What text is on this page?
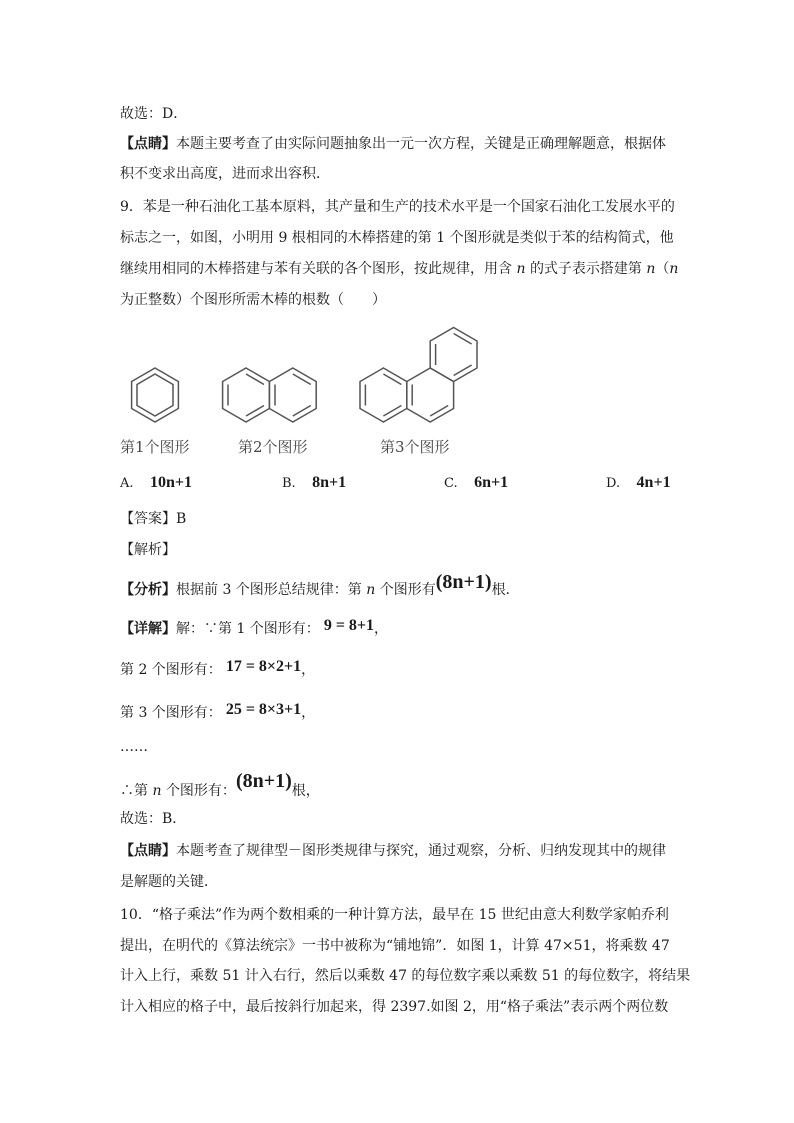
故选：D．
【点睛】本题主要考查了由实际问题抽象出一元一次方程，关键是正确理解题意，根据体
积不变求出高度，进而求出容积．
9．苯是一种石油化工基本原料，其产量和生产的技术水平是一个国家石油化工发展水平的
标志之一，如图，小明用 9 根相同的木棒搭建的第 1 个图形就是类似于苯的结构简式，他
继续用相同的木棒搭建与苯有关联的各个图形，按此规律，用含 n 的式子表示搭建第 n（n
为正整数）个图形所需木棒的根数（　　）
第1个图形	第2个图形	第3个图形
A. 10n+1	B. 8n+1	C. 6n+1	D. 4n+1
【答案】B
【解析】
【分析】根据前 3 个图形总结规律：第 n 个图形有(8n+1)根．
【详解】解：∵第 1 个图形有： 9 = 8+1，
第 2 个图形有： 17 = 8×2+1，
第 3 个图形有： 25 = 8×3+1，
……
∴第 n 个图形有：(8n+1)根，
故选：B．
【点睛】本题考查了规律型－图形类规律与探究，通过观察，分析、归纳发现其中的规律
是解题的关键．
10．“格子乘法”作为两个数相乘的一种计算方法，最早在 15 世纪由意大利数学家帕乔利
提出，在明代的《算法统宗》一书中被称为“铺地锦”．如图 1，计算 47×51，将乘数 47
计入上行，乘数 51 计入右行，然后以乘数 47 的每位数字乘以乘数 51 的每位数字，将结果
计入相应的格子中，最后按斜行加起来，得 2397.如图 2，用“格子乘法”表示两个两位数
